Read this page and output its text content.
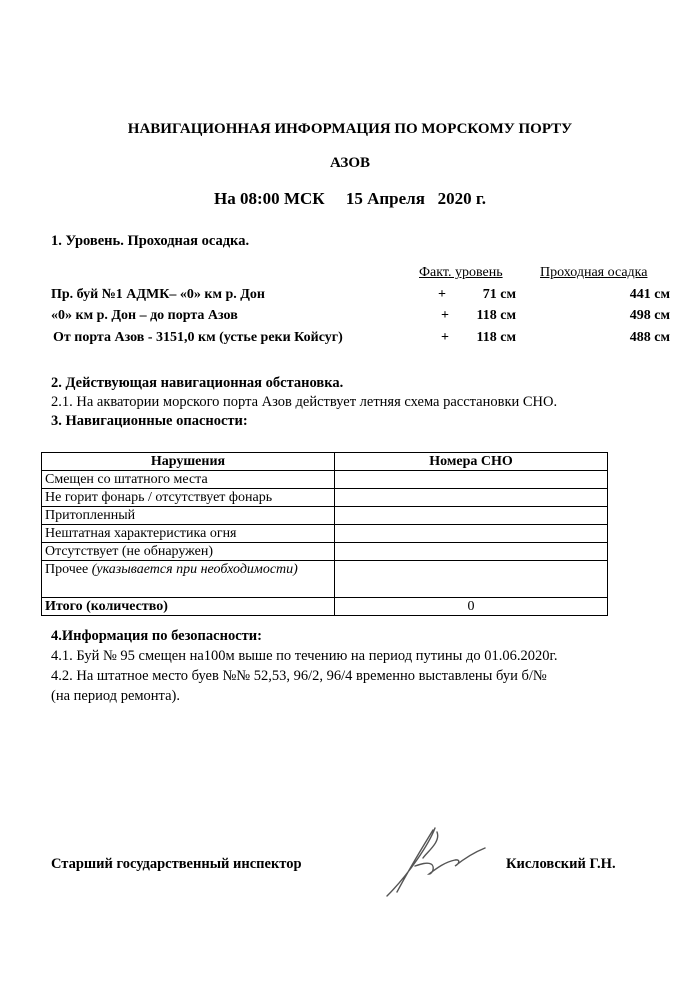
НАВИГАЦИОННАЯ ИНФОРМАЦИЯ ПО МОРСКОМУ ПОРТУ
АЗОВ
На 08:00 МСК 15 Апреля 2020 г.
1. Уровень. Проходная осадка.
Факт. уровень	Проходная осадка
Пр. буй №1 АДМК– «0» км р. Дон	+	71 см	441 см
«0» км р. Дон – до порта Азов	+	118 см	498 см
От порта Азов - 3151,0 км (устье реки Койсуг)	+	118 см	488 см
2. Действующая навигационная обстановка.
2.1. На акватории морского порта Азов действует летняя схема расстановки СНО.
3. Навигационные опасности:
Нарушения	Номера СНО
Смещен со штатного места	
Не горит фонарь / отсутствует фонарь	
Притопленный	
Нештатная характеристика огня	
Отсутствует (не обнаружен)	
Прочее (указывается при необходимости)	
Итого (количество)	0
4.Информация по безопасности:
4.1. Буй № 95 смещен на100м выше по течению на период путины до 01.06.2020г.
4.2. На штатное место буев №№ 52,53, 96/2, 96/4 временно выставлены буи б/№
(на период ремонта).
Старший государственный инспектор	Кисловский Г.Н.
